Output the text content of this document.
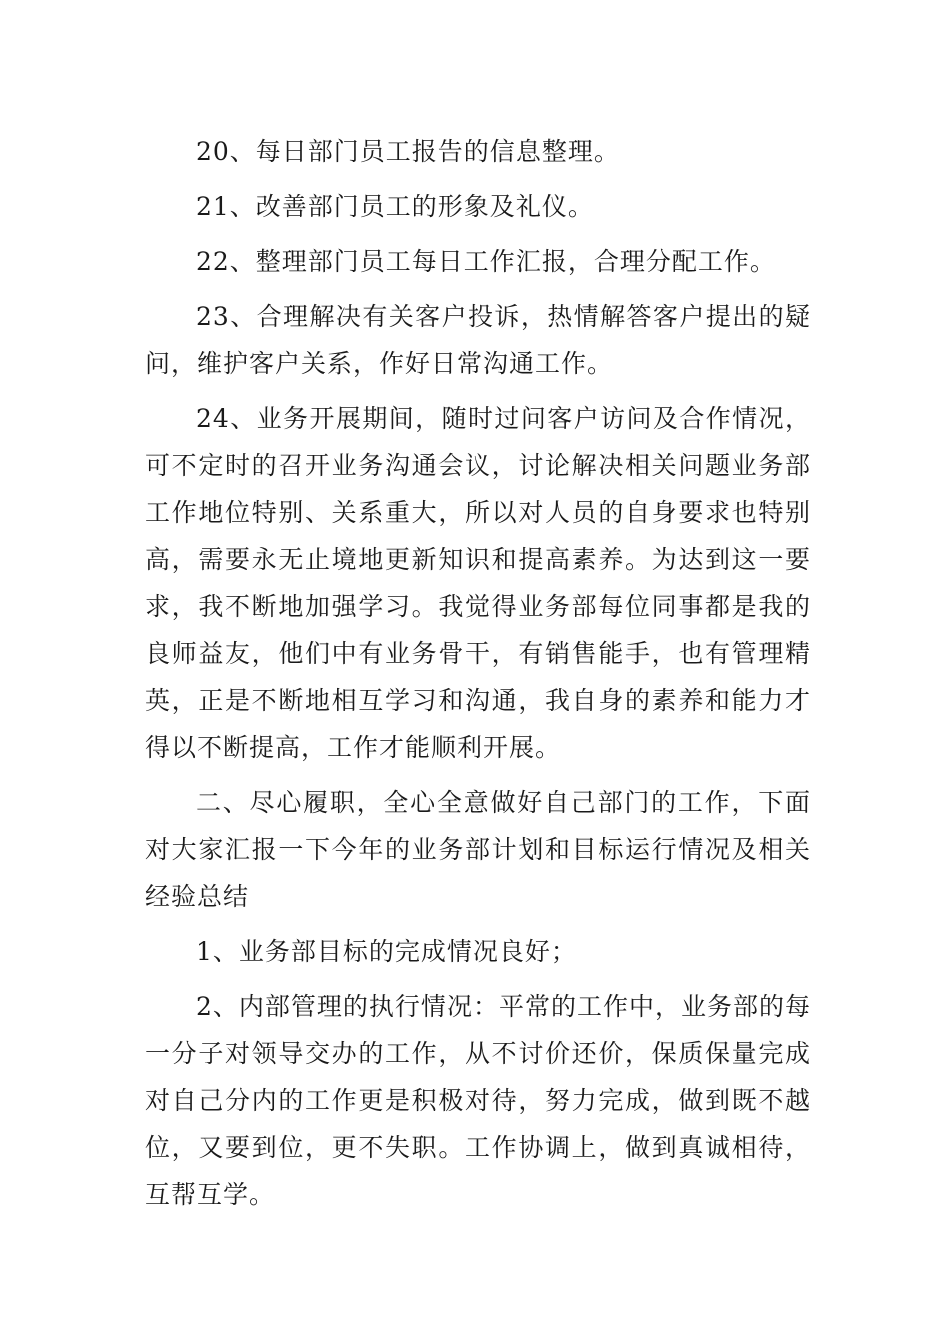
20、每日部门员工报告的信息整理。

21、改善部门员工的形象及礼仪。

22、整理部门员工每日工作汇报，合理分配工作。

23、合理解决有关客户投诉，热情解答客户提出的疑问，维护客户关系，作好日常沟通工作。

24、业务开展期间，随时过问客户访问及合作情况，可不定时的召开业务沟通会议，讨论解决相关问题业务部工作地位特别、关系重大，所以对人员的自身要求也特别高，需要永无止境地更新知识和提高素养。为达到这一要求，我不断地加强学习。我觉得业务部每位同事都是我的良师益友，他们中有业务骨干，有销售能手，也有管理精英，正是不断地相互学习和沟通，我自身的素养和能力才得以不断提高，工作才能顺利开展。

二、尽心履职，全心全意做好自己部门的工作，下面对大家汇报一下今年的业务部计划和目标运行情况及相关经验总结

1、业务部目标的完成情况良好；

2、内部管理的执行情况：平常的工作中，业务部的每一分子对领导交办的工作，从不讨价还价，保质保量完成对自己分内的工作更是积极对待，努力完成，做到既不越位，又要到位，更不失职。工作协调上，做到真诚相待，互帮互学。
